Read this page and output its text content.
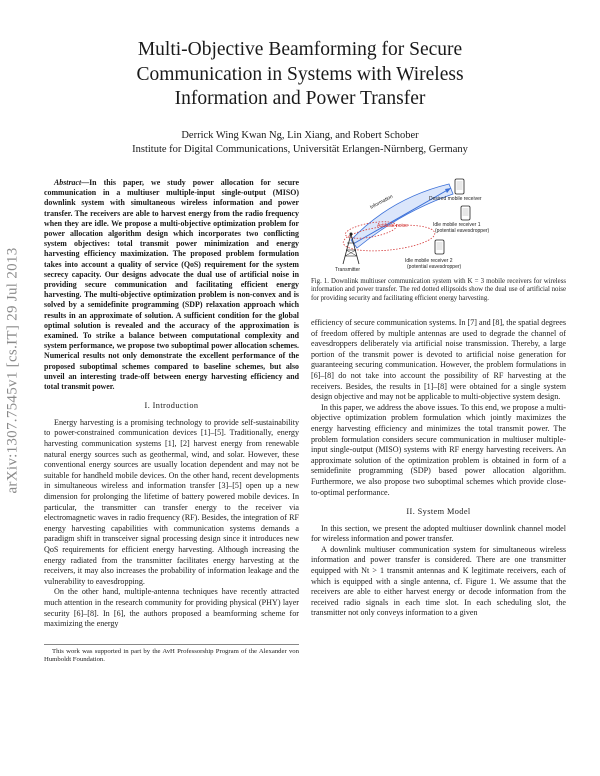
Multi-Objective Beamforming for Secure
Communication in Systems with Wireless
Information and Power Transfer
Derrick Wing Kwan Ng, Lin Xiang, and Robert Schober
Institute for Digital Communications, Universität Erlangen-Nürnberg, Germany
arXiv:1307.7545v1 [cs.IT] 29 Jul 2013

Abstract—In this paper, we study power allocation for secure communication in a multiuser multiple-input single-output (MISO) downlink system with simultaneous wireless information and power transfer. The receivers are able to harvest energy from the radio frequency when they are idle. We propose a multi-objective optimization problem for power allocation algorithm design which incorporates two conflicting system objectives: total transmit power minimization and energy harvesting efficiency maximization. The proposed problem formulation takes into account a quality of service (QoS) requirement for the system secrecy capacity. Our designs advocate the dual use of artificial noise in providing secure communication and facilitating efficient energy harvesting. The multi-objective optimization problem is non-convex and is solved by a semidefinite programming (SDP) relaxation approach which results in an approximate of solution. A sufficient condition for the global optimal solution is revealed and the accuracy of the approximation is examined. To strike a balance between computational complexity and system performance, we propose two suboptimal power allocation schemes. Numerical results not only demonstrate the excellent performance of the proposed suboptimal schemes compared to baseline schemes, but also unveil an interesting trade-off between energy harvesting efficiency and total transmit power.

I. Introduction

Energy harvesting is a promising technology to provide self-sustainability to power-constrained communication devices [1]–[5]. Traditionally, energy harvesting communication systems [1], [2] harvest energy from renewable natural energy sources such as geothermal, wind, and solar. However, these conventional energy sources are usually location dependent and may not be suitable for handheld mobile devices. On the other hand, recent developments in simultaneous wireless and information transfer [3]–[5] open up a new dimension for prolonging the lifetime of battery powered mobile devices. In particular, the transmitter can transfer energy to the receiver via electromagnetic waves in radio frequency (RF). Besides, the integration of RF energy harvesting capabilities with communication systems demands a paradigm shift in transceiver signal processing design since it introduces new QoS requirements for efficient energy harvesting. Although increasing the energy radiated from the transmitter facilitates energy harvesting at the receivers, it may also increases the probability of information leakage and the vulnerability to eavesdropping.

On the other hand, multiple-antenna techniques have recently attracted much attention in the research community for providing physical (PHY) layer security [6]–[8]. In [6], the authors proposed a beamforming scheme for maximizing the energy

This work was supported in part by the AvH Professorship Program of the Alexander von Humboldt Foundation.

Information
Artificial noise
Transmitter
Desired mobile receiver
Idle mobile receiver 1
(potential eavesdropper)
Idle mobile receiver 2
(potential eavesdropper)

Fig. 1. Downlink multiuser communication system with K = 3 mobile receivers for wireless information and power transfer. The red dotted ellipsoids show the dual use of artificial noise for providing security and facilitating efficient energy harvesting.

efficiency of secure communication systems. In [7] and [8], the spatial degrees of freedom offered by multiple antennas are used to degrade the channel of eavesdroppers deliberately via artificial noise transmission. Thereby, a large portion of the transmit power is devoted to artificial noise generation for guaranteeing securing communication. However, the problem formulations in [6]–[8] do not take into account the possibility of RF harvesting at the receivers. Besides, the results in [1]–[8] were obtained for a single system design objective and may not be applicable to multi-objective system design.

In this paper, we address the above issues. To this end, we propose a multi-objective optimization problem formulation which jointly maximizes the energy harvesting efficiency and minimizes the total transmit power. The problem formulation considers secure communication in multiuser multiple-input single-output (MISO) systems with RF energy harvesting receivers. An approximate solution of the optimization problem is obtained in form of a semidefinite programming (SDP) based power allocation algorithm. Furthermore, we also propose two suboptimal schemes which provide close-to-optimal performance.

II. System Model

In this section, we present the adopted multiuser downlink channel model for wireless information and power transfer.

A downlink multiuser communication system for simultaneous wireless information and power transfer is considered. There are one transmitter equipped with Nt > 1 transmit antennas and K legitimate receivers, each of which is equipped with a single antenna, cf. Figure 1. We assume that the receivers are able to either harvest energy or decode information from the received radio signals in each time slot. In each scheduling slot, the transmitter not only conveys information to a given
